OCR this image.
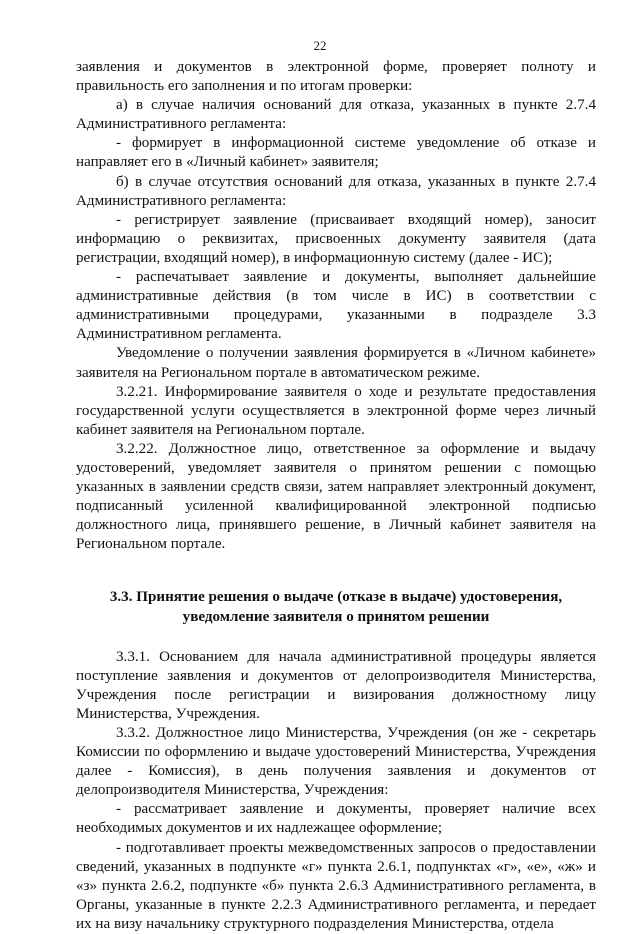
22

заявления и документов в электронной форме, проверяет полноту и правильность его заполнения и по итогам проверки:

а) в случае наличия оснований для отказа, указанных в пункте 2.7.4 Административного регламента:

- формирует в информационной системе уведомление об отказе и направляет его в «Личный кабинет» заявителя;

б) в случае отсутствия оснований для отказа, указанных в пункте 2.7.4 Административного регламента:

- регистрирует заявление (присваивает входящий номер), заносит информацию о реквизитах, присвоенных документу заявителя (дата регистрации, входящий номер), в информационную систему (далее - ИС);

- распечатывает заявление и документы, выполняет дальнейшие административные действия (в том числе в ИС) в соответствии с административными процедурами, указанными в подразделе 3.3 Административном регламента.

Уведомление о получении заявления формируется в «Личном кабинете» заявителя на Региональном портале в автоматическом режиме.

3.2.21. Информирование заявителя о ходе и результате предоставления государственной услуги осуществляется в электронной форме через личный кабинет заявителя на Региональном портале.

3.2.22. Должностное лицо, ответственное за оформление и выдачу удостоверений, уведомляет заявителя о принятом решении с помощью указанных в заявлении средств связи, затем направляет электронный документ, подписанный усиленной квалифицированной электронной подписью должностного лица, принявшего решение, в Личный кабинет заявителя на Региональном портале.

3.3. Принятие решения о выдаче (отказе в выдаче) удостоверения,
уведомление заявителя о принятом решении

3.3.1. Основанием для начала административной процедуры является поступление заявления и документов от делопроизводителя Министерства, Учреждения после регистрации и визирования должностному лицу Министерства, Учреждения.

3.3.2. Должностное лицо Министерства, Учреждения (он же - секретарь Комиссии по оформлению и выдаче удостоверений Министерства, Учреждения далее - Комиссия), в день получения заявления и документов от делопроизводителя Министерства, Учреждения:

- рассматривает заявление и документы, проверяет наличие всех необходимых документов и их надлежащее оформление;

- подготавливает проекты межведомственных запросов о предоставлении сведений, указанных в подпункте «г» пункта 2.6.1, подпунктах «г», «е», «ж» и «з» пункта 2.6.2, подпункте «б» пункта 2.6.3 Административного регламента, в Органы, указанные в пункте 2.2.3 Административного регламента, и передает их на визу начальнику структурного подразделения Министерства, отдела
